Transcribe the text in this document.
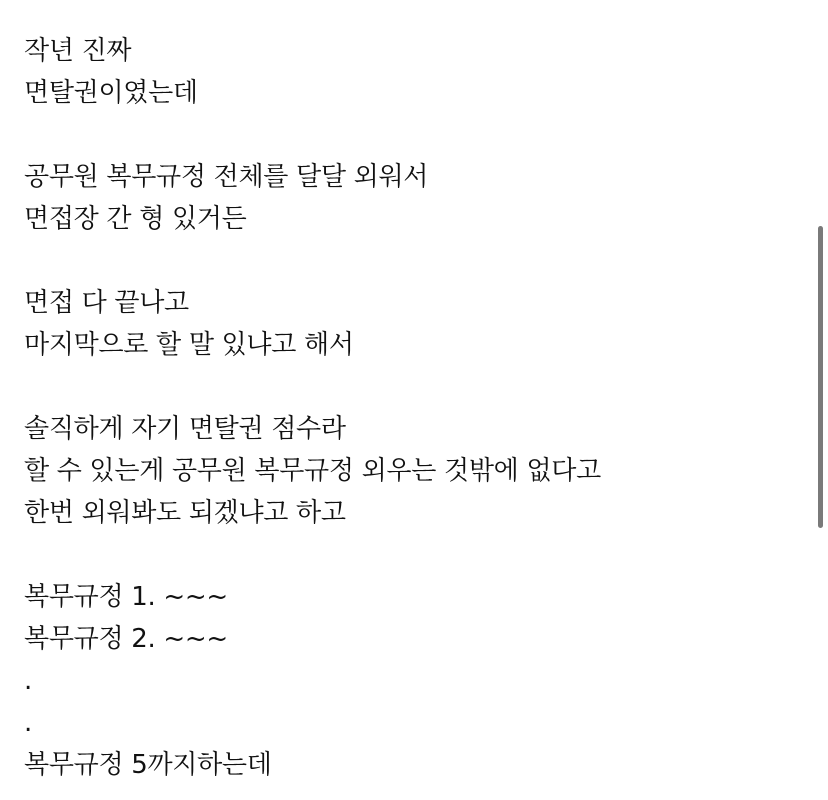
작년 진짜
면탈권이였는데
공무원 복무규정 전체를 달달 외워서
면접장 간 형 있거든
면접 다 끝나고
마지막으로 할 말 있냐고 해서
솔직하게 자기 면탈권 점수라
할 수 있는게 공무원 복무규정 외우는 것밖에 없다고
한번 외워봐도 되겠냐고 하고
복무규정 1. ~~~
복무규정 2. ~~~
.
.
복무규정 5까지하는데
